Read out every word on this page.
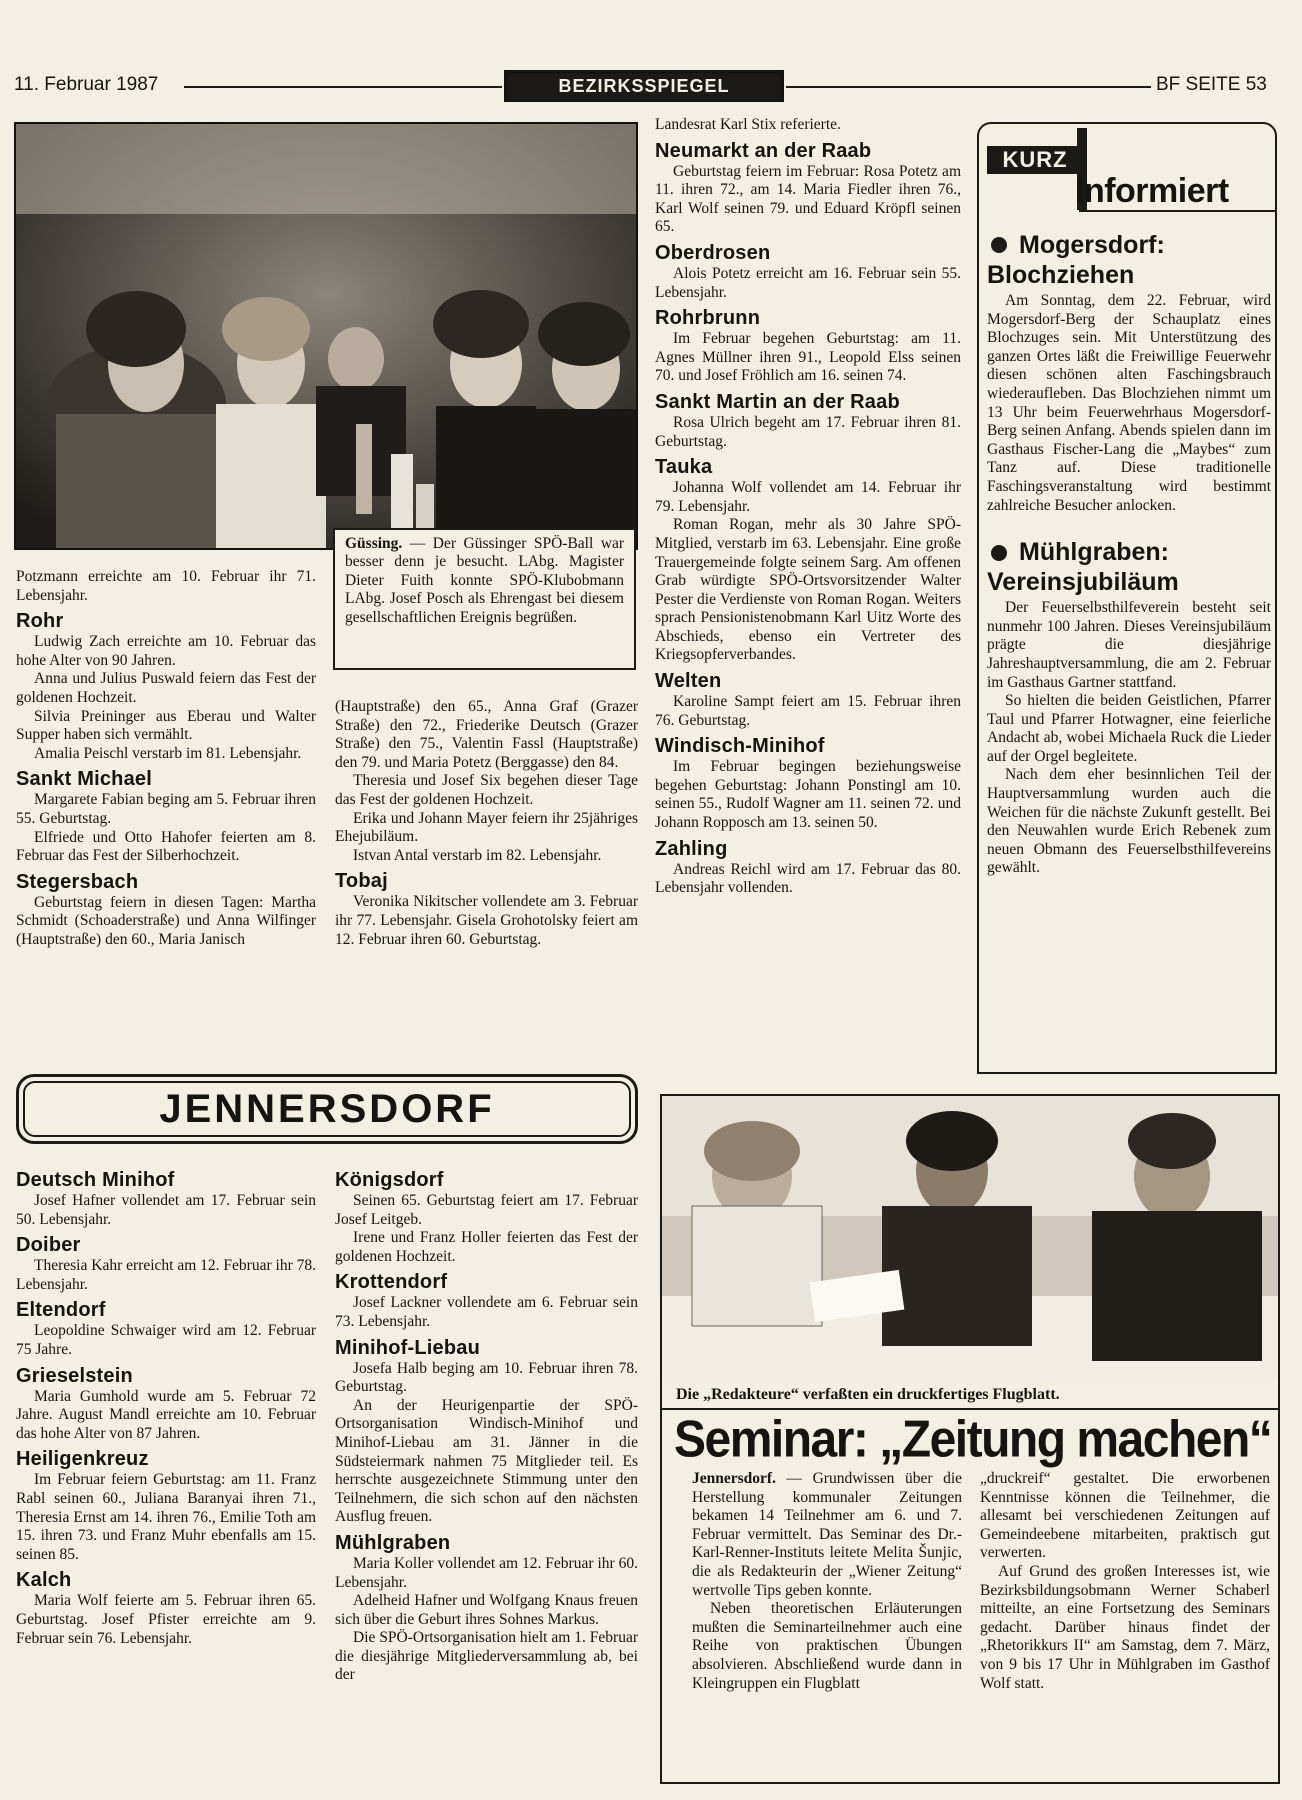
11. Februar 1987	BEZIRKSSPIEGEL	BF SEITE 53
Güssing. — Der Güssinger SPÖ-Ball war besser denn je besucht. LAbg. Magister Dieter Fuith konnte SPÖ-Klubobmann LAbg. Josef Posch als Ehrengast bei diesem gesellschaftlichen Ereignis begrüßen.
Potzmann erreichte am 10. Februar ihr 71. Lebensjahr.
Rohr
Ludwig Zach erreichte am 10. Februar das hohe Alter von 90 Jahren.
Anna und Julius Puswald feiern das Fest der goldenen Hochzeit.
Silvia Preininger aus Eberau und Walter Supper haben sich vermählt.
Amalia Peischl verstarb im 81. Lebensjahr.
Sankt Michael
Margarete Fabian beging am 5. Februar ihren 55. Geburtstag.
Elfriede und Otto Hahofer feierten am 8. Februar das Fest der Silberhochzeit.
Stegersbach
Geburtstag feiern in diesen Tagen: Martha Schmidt (Schoaderstraße) und Anna Wilfinger (Hauptstraße) den 60., Maria Janisch
(Hauptstraße) den 65., Anna Graf (Grazer Straße) den 72., Friederike Deutsch (Grazer Straße) den 75., Valentin Fassl (Hauptstraße) den 79. und Maria Potetz (Berggasse) den 84.
Theresia und Josef Six begehen dieser Tage das Fest der goldenen Hochzeit.
Erika und Johann Mayer feiern ihr 25jähriges Ehejubiläum.
Istvan Antal verstarb im 82. Lebensjahr.
Tobaj
Veronika Nikitscher vollendete am 3. Februar ihr 77. Lebensjahr. Gisela Grohotolsky feiert am 12. Februar ihren 60. Geburtstag.
Landesrat Karl Stix referierte.
Neumarkt an der Raab
Geburtstag feiern im Februar: Rosa Potetz am 11. ihren 72., am 14. Maria Fiedler ihren 76., Karl Wolf seinen 79. und Eduard Kröpfl seinen 65.
Oberdrosen
Alois Potetz erreicht am 16. Februar sein 55. Lebensjahr.
Rohrbrunn
Im Februar begehen Geburtstag: am 11. Agnes Müllner ihren 91., Leopold Elss seinen 70. und Josef Fröhlich am 16. seinen 74.
Sankt Martin an der Raab
Rosa Ulrich begeht am 17. Februar ihren 81. Geburtstag.
Tauka
Johanna Wolf vollendet am 14. Februar ihr 79. Lebensjahr.
Roman Rogan, mehr als 30 Jahre SPÖ-Mitglied, verstarb im 63. Lebensjahr. Eine große Trauergemeinde folgte seinem Sarg. Am offenen Grab würdigte SPÖ-Ortsvorsitzender Walter Pester die Verdienste von Roman Rogan. Weiters sprach Pensionistenobmann Karl Uitz Worte des Abschieds, ebenso ein Vertreter des Kriegsopferverbandes.
Welten
Karoline Sampt feiert am 15. Februar ihren 76. Geburtstag.
Windisch-Minihof
Im Februar begingen beziehungsweise begehen Geburtstag: Johann Ponstingl am 10. seinen 55., Rudolf Wagner am 11. seinen 72. und Johann Ropposch am 13. seinen 50.
Zahling
Andreas Reichl wird am 17. Februar das 80. Lebensjahr vollenden.
KURZ
Informiert
Mogersdorf: Blochziehen
Am Sonntag, dem 22. Februar, wird Mogersdorf-Berg der Schauplatz eines Blochzuges sein. Mit Unterstützung des ganzen Ortes läßt die Freiwillige Feuerwehr diesen schönen alten Faschingsbrauch wiederaufleben. Das Blochziehen nimmt um 13 Uhr beim Feuerwehrhaus Mogersdorf-Berg seinen Anfang. Abends spielen dann im Gasthaus Fischer-Lang die „Maybes“ zum Tanz auf. Diese traditionelle Faschingsveranstaltung wird bestimmt zahlreiche Besucher anlocken.
Mühlgraben: Vereinsjubiläum
Der Feuerselbsthilfeverein besteht seit nunmehr 100 Jahren. Dieses Vereinsjubiläum prägte die diesjährige Jahreshauptversammlung, die am 2. Februar im Gasthaus Gartner stattfand.
So hielten die beiden Geistlichen, Pfarrer Taul und Pfarrer Hotwagner, eine feierliche Andacht ab, wobei Michaela Ruck die Lieder auf der Orgel begleitete.
Nach dem eher besinnlichen Teil der Hauptversammlung wurden auch die Weichen für die nächste Zukunft gestellt. Bei den Neuwahlen wurde Erich Rebenek zum neuen Obmann des Feuerselbsthilfevereins gewählt.
JENNERSDORF
Deutsch Minihof
Josef Hafner vollendet am 17. Februar sein 50. Lebensjahr.
Doiber
Theresia Kahr erreicht am 12. Februar ihr 78. Lebensjahr.
Eltendorf
Leopoldine Schwaiger wird am 12. Februar 75 Jahre.
Grieselstein
Maria Gumhold wurde am 5. Februar 72 Jahre. August Mandl erreichte am 10. Februar das hohe Alter von 87 Jahren.
Heiligenkreuz
Im Februar feiern Geburtstag: am 11. Franz Rabl seinen 60., Juliana Baranyai ihren 71., Theresia Ernst am 14. ihren 76., Emilie Toth am 15. ihren 73. und Franz Muhr ebenfalls am 15. seinen 85.
Kalch
Maria Wolf feierte am 5. Februar ihren 65. Geburtstag. Josef Pfister erreichte am 9. Februar sein 76. Lebensjahr.
Königsdorf
Seinen 65. Geburtstag feiert am 17. Februar Josef Leitgeb.
Irene und Franz Holler feierten das Fest der goldenen Hochzeit.
Krottendorf
Josef Lackner vollendete am 6. Februar sein 73. Lebensjahr.
Minihof-Liebau
Josefa Halb beging am 10. Februar ihren 78. Geburtstag.
An der Heurigenpartie der SPÖ-Ortsorganisation Windisch-Minihof und Minihof-Liebau am 31. Jänner in die Südsteiermark nahmen 75 Mitglieder teil. Es herrschte ausgezeichnete Stimmung unter den Teilnehmern, die sich schon auf den nächsten Ausflug freuen.
Mühlgraben
Maria Koller vollendet am 12. Februar ihr 60. Lebensjahr.
Adelheid Hafner und Wolfgang Knaus freuen sich über die Geburt ihres Sohnes Markus.
Die SPÖ-Ortsorganisation hielt am 1. Februar die diesjährige Mitgliederversammlung ab, bei der
Die „Redakteure“ verfaßten ein druckfertiges Flugblatt.
Seminar: „Zeitung machen“
Jennersdorf. — Grundwissen über die Herstellung kommunaler Zeitungen bekamen 14 Teilnehmer am 6. und 7. Februar vermittelt. Das Seminar des Dr.-Karl-Renner-Instituts leitete Melita Šunjic, die als Redakteurin der „Wiener Zeitung“ wertvolle Tips geben konnte.
Neben theoretischen Erläuterungen mußten die Seminarteilnehmer auch eine Reihe von praktischen Übungen absolvieren. Abschließend wurde dann in Kleingruppen ein Flugblatt
„druckreif“ gestaltet. Die erworbenen Kenntnisse können die Teilnehmer, die allesamt bei verschiedenen Zeitungen auf Gemeindeebene mitarbeiten, praktisch gut verwerten.
Auf Grund des großen Interesses ist, wie Bezirksbildungsobmann Werner Schaberl mitteilte, an eine Fortsetzung des Seminars gedacht. Darüber hinaus findet der „Rhetorikkurs II“ am Samstag, dem 7. März, von 9 bis 17 Uhr in Mühlgraben im Gasthof Wolf statt.
